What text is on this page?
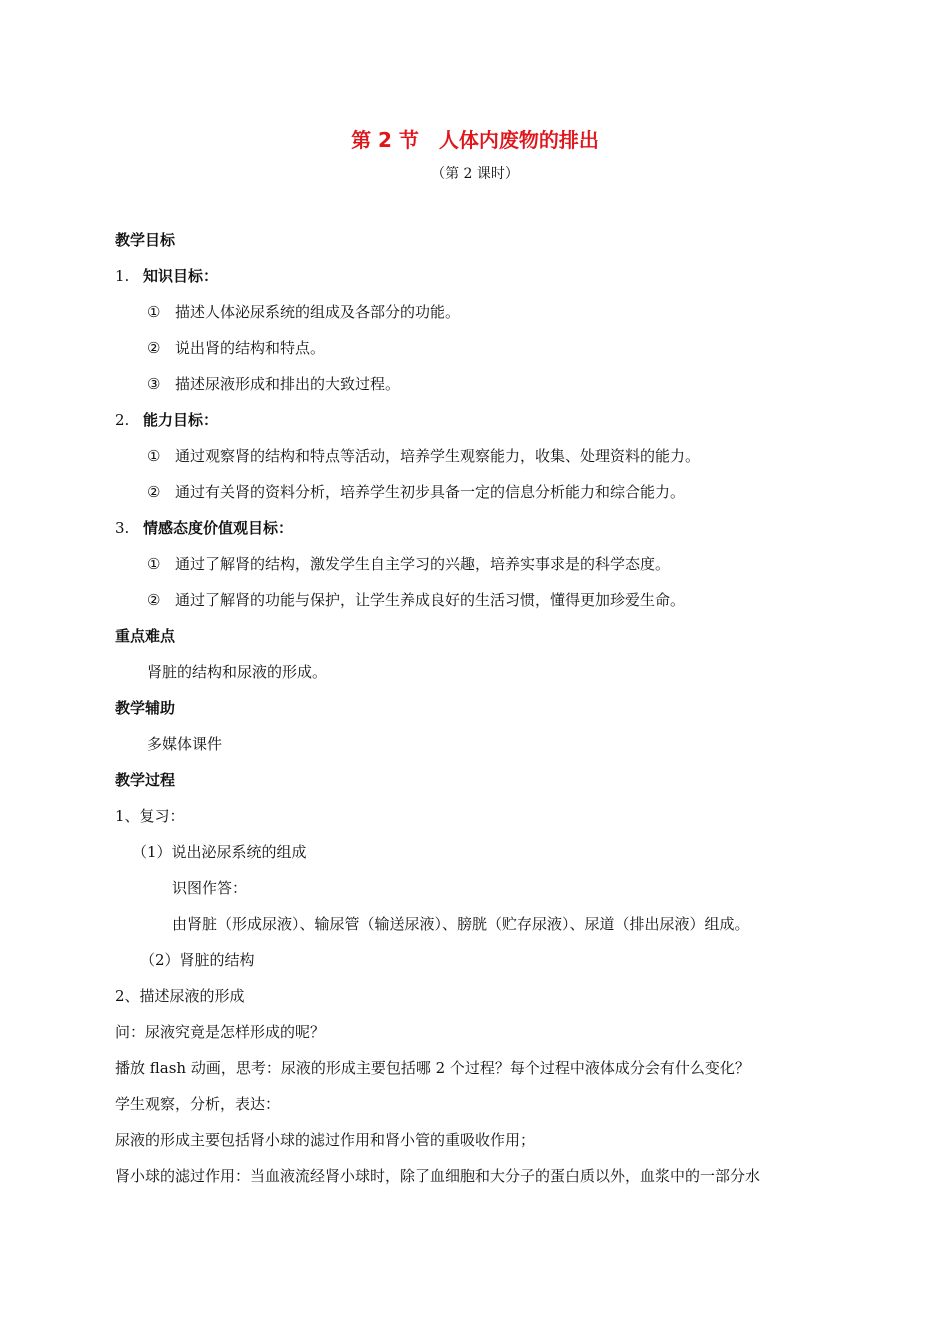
第 2 节　人体内废物的排出
（第 2 课时）
教学目标
1. 知识目标：
① 描述人体泌尿系统的组成及各部分的功能。
② 说出肾的结构和特点。
③ 描述尿液形成和排出的大致过程。
2. 能力目标：
① 通过观察肾的结构和特点等活动，培养学生观察能力，收集、处理资料的能力。
② 通过有关肾的资料分析，培养学生初步具备一定的信息分析能力和综合能力。
3. 情感态度价值观目标：
① 通过了解肾的结构，激发学生自主学习的兴趣，培养实事求是的科学态度。
② 通过了解肾的功能与保护，让学生养成良好的生活习惯，懂得更加珍爱生命。
重点难点
肾脏的结构和尿液的形成。
教学辅助
多媒体课件
教学过程
1、复习：
（1）说出泌尿系统的组成
识图作答：
由肾脏（形成尿液）、输尿管（输送尿液）、膀胱（贮存尿液）、尿道（排出尿液）组成。
（2）肾脏的结构
2、描述尿液的形成
问：尿液究竟是怎样形成的呢？
播放 flash 动画，思考：尿液的形成主要包括哪 2 个过程？每个过程中液体成分会有什么变化？
学生观察，分析，表达：
尿液的形成主要包括肾小球的滤过作用和肾小管的重吸收作用；
肾小球的滤过作用：当血液流经肾小球时，除了血细胞和大分子的蛋白质以外，血浆中的一部分水
